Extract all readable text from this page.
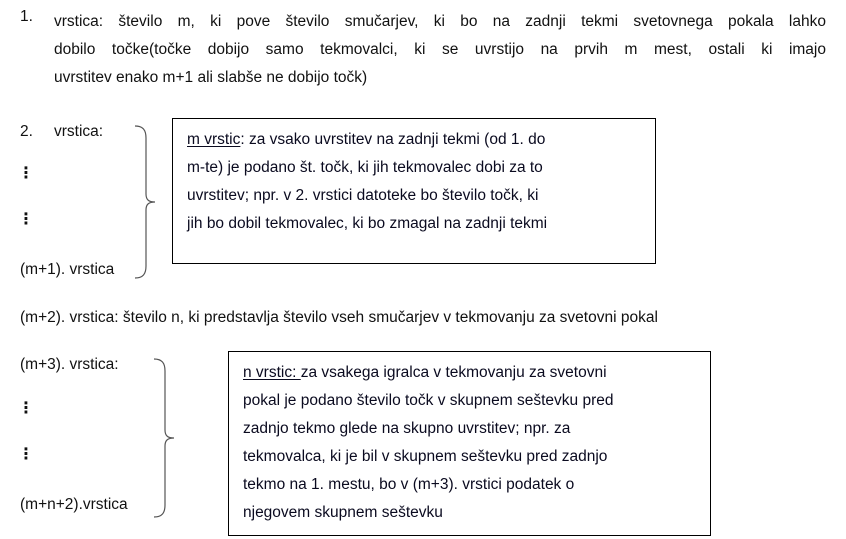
1. vrstica: število m, ki pove število smučarjev, ki bo na zadnji tekmi svetovnega pokala lahko
dobilo točke(točke dobijo samo tekmovalci, ki se uvrstijo na prvih m mest, ostali ki imajo
uvrstitev enako m+1 ali slabše ne dobijo točk)
2. vrstica:
⋮
⋮
(m+1). vrstica
m vrstic: za vsako uvrstitev na zadnji tekmi (od 1. do
m-te) je podano št. točk, ki jih tekmovalec dobi za to
uvrstitev; npr. v 2. vrstici datoteke bo število točk, ki
jih bo dobil tekmovalec, ki bo zmagal na zadnji tekmi
(m+2). vrstica: število n, ki predstavlja število vseh smučarjev v tekmovanju za svetovni pokal
(m+3). vrstica:
⋮
⋮
(m+n+2).vrstica
n vrstic: za vsakega igralca v tekmovanju za svetovni
pokal je podano število točk v skupnem seštevku pred
zadnjo tekmo glede na skupno uvrstitev; npr. za
tekmovalca, ki je bil v skupnem seštevku pred zadnjo
tekmo na 1. mestu, bo v (m+3). vrstici podatek o
njegovem skupnem seštevku
